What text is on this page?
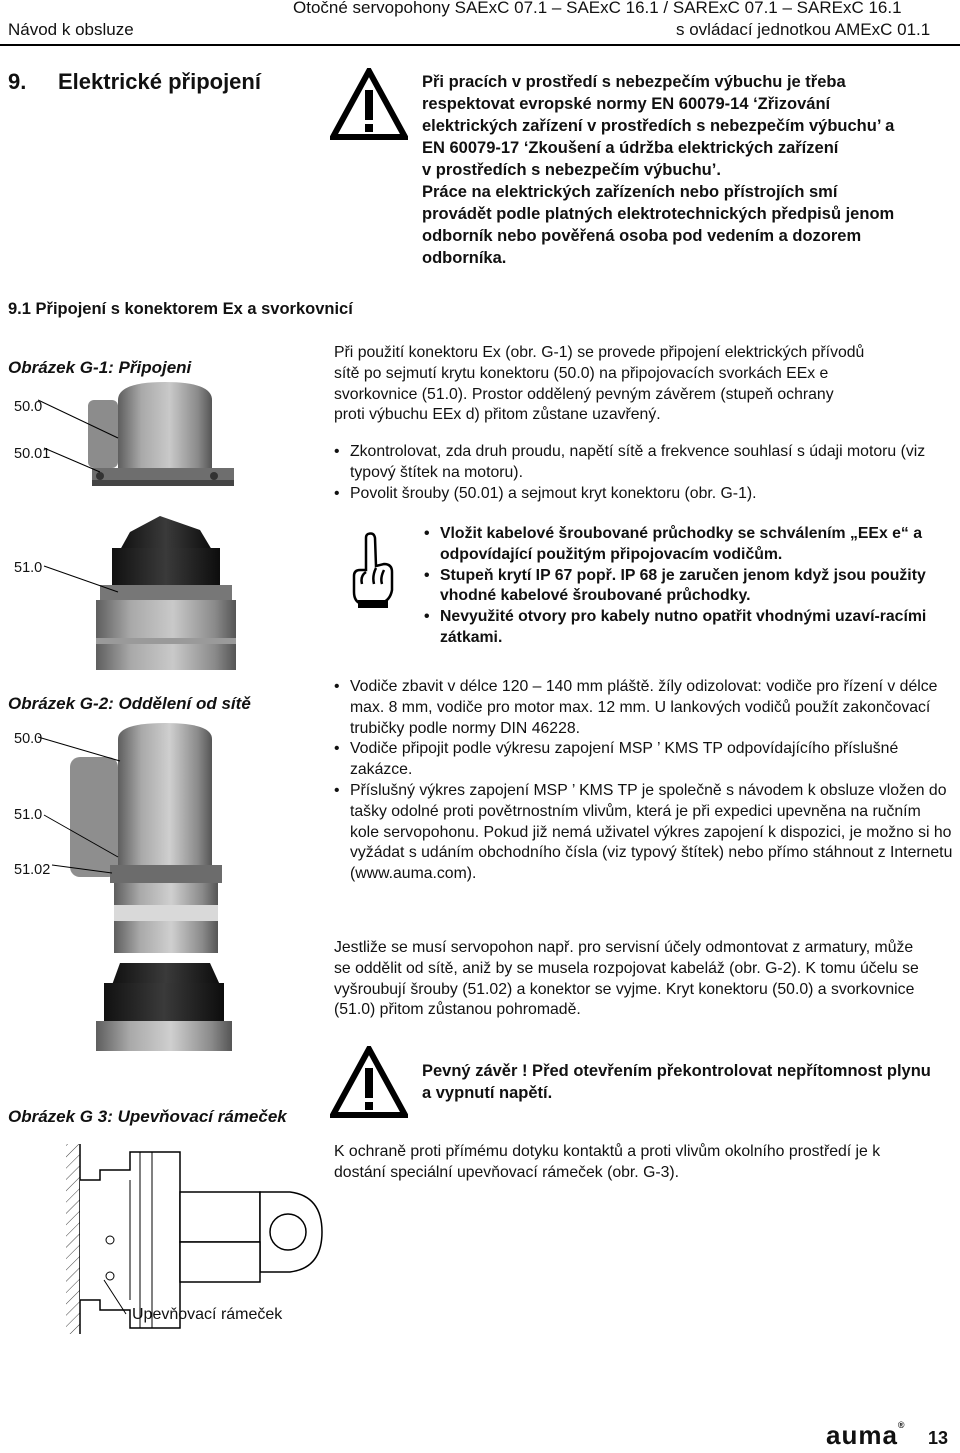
Návod k obsluze
Otočné servopohony SAExC 07.1 – SAExC 16.1 / SARExC 07.1 – SARExC 16.1
s ovládací jednotkou AMExC 01.1
9. Elektrické připojení	Při pracích v prostředí s nebezpečím výbuchu je třeba
respektovat evropské normy EN 60079-14 ‘Zřizování
elektrických zařízení v prostředích s nebezpečím výbuchu’ a
EN 60079-17 ‘Zkoušení a údržba elektrických zařízení
v prostředích s nebezpečím výbuchu’.
Práce na elektrických zařízeních nebo přístrojích smí
provádět podle platných elektrotechnických předpisů jenom
odborník nebo pověřená osoba pod vedením a dozorem
odborníka.
9.1 Připojení s konektorem Ex a svorkovnicí
Obrázek G-1: Připojeni
50.0
50.01
51.0

Při použití konektoru Ex (obr. G-1) se provede připojení elektrických přívodů

sítě po sejmutí krytu konektoru (50.0) na připojovacích svorkách EEx e

svorkovnice (51.0). Prostor oddělený pevným závěrem (stupeň ochrany

proti výbuchu EEx d) přitom zůstane uzavřený.

• Zkontrolovat, zda druh proudu, napětí sítě a frekvence souhlasí s údaji motoru (viz typový štítek na motoru).
• Povolit šrouby (50.01) a sejmout kryt konektoru (obr. G-1).
• Vložit kabelové šroubované průchodky se schválením „EEx e“ a odpovídající použitým připojovacím vodičům.
• Stupeň krytí IP 67 popř. IP 68 je zaručen jenom když jsou použity vhodné kabelové šroubované průchodky.
• Nevyužité otvory pro kabely nutno opatřit vhodnými uzaví-racími zátkami.
Obrázek G-2: Oddělení od sítě
50.0
51.0
51.02
• Vodiče zbavit v délce 120 – 140 mm pláště. žíly odizolovat: vodiče pro řízení v délce max. 8 mm, vodiče pro motor max. 12 mm. U lankových vodičů použít zakončovací trubičky podle normy DIN 46228.
• Vodiče připojit podle výkresu zapojení MSP ’ KMS TP odpovídajícího příslušné zakázce.
• Příslušný výkres zapojení MSP ’ KMS TP je společně s návodem k obsluze vložen do tašky odolné proti povětrnostním vlivům, která je při expedici upevněna na ručním kole servopohonu. Pokud již nemá uživatel výkres zapojení k dispozici, je možno si ho vyžádat s udáním obchodního čísla (viz typový štítek) nebo přímo stáhnout z Internetu (www.auma.com).
Jestliže se musí servopohon např. pro servisní účely odmontovat z armatury, může se oddělit od sítě, aniž by se musela rozpojovat kabeláž (obr. G-2). K tomu účelu se vyšroubují šrouby (51.02) a konektor se vyjme. Kryt konektoru (50.0) a svorkovnice (51.0) přitom zůstanou pohromadě.
Pevný závěr ! Před otevřením překontrolovat nepřítomnost plynu a vypnutí napětí.
Obrázek G 3: Upevňovací rámeček
Upevňovací rámeček
K ochraně proti přímému dotyku kontaktů a proti vlivům okolního prostředí je k dostání speciální upevňovací rámeček (obr. G-3).
auma®
13
